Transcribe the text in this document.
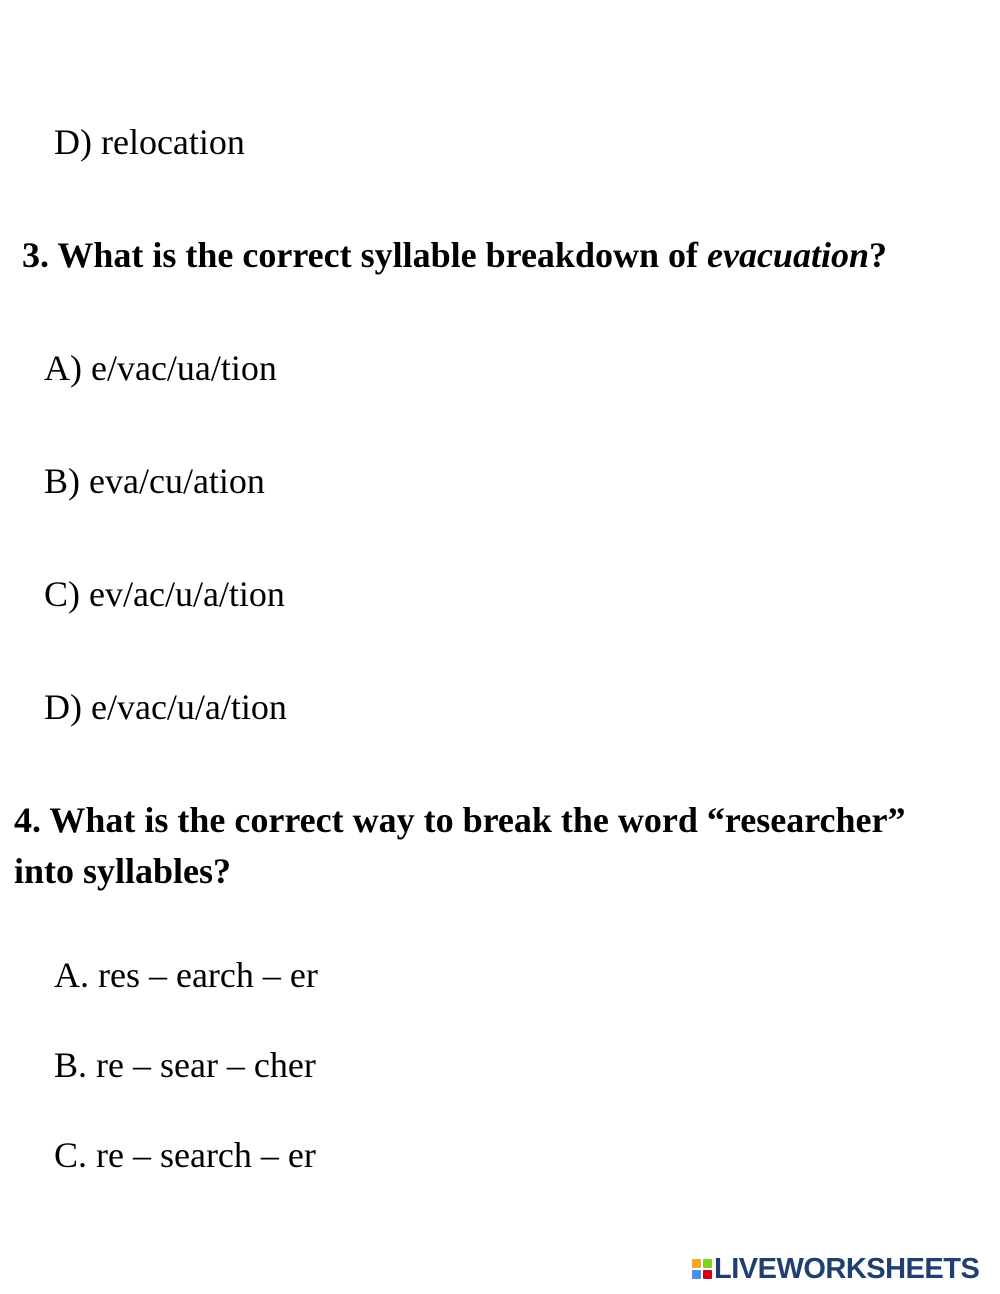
D) relocation
3. What is the correct syllable breakdown of evacuation?
A) e/vac/ua/tion
B) eva/cu/ation
C) ev/ac/u/a/tion
D) e/vac/u/a/tion
4. What is the correct way to break the word “researcher”
into syllables?
A. res – earch – er
B. re – sear – cher
C. re – search – er
LIVEWORKSHEETS
